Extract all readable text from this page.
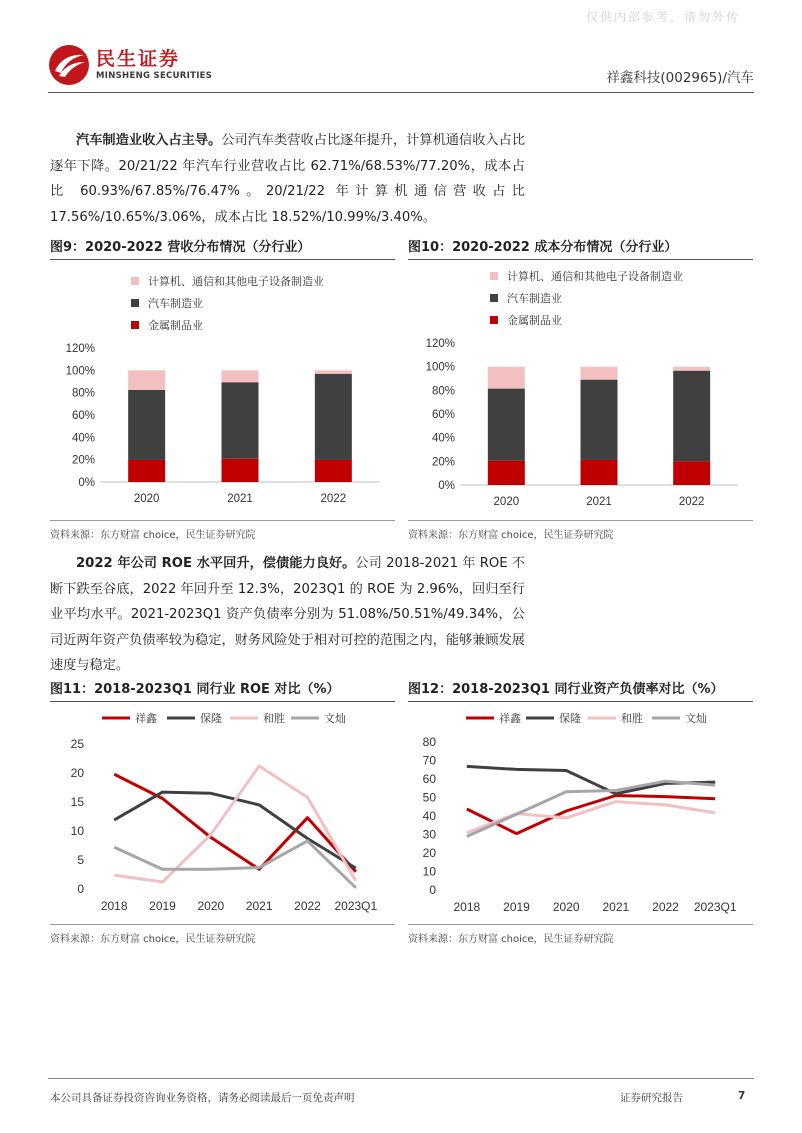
仅供内部参考，请勿外传
民生证券
MINSHENG SECURITIES	祥鑫科技(002965)/汽车
汽车制造业收入占主导。公司汽车类营收占比逐年提升，计算机通信收入占比逐年下降。20/21/22 年汽车行业营收占比 62.71%/68.53%/77.20%，成本占比 60.93%/67.85%/76.47%。20/21/22 年计算机通信营收占比 17.56%/10.65%/3.06%，成本占比 18.52%/10.99%/3.40%。
图9：2020-2022 营收分布情况（分行业）
计算机、通信和其他电子设备制造业
汽车制造业
金属制品业
0%
20%
40%
60%
80%
100%
120%
2020	2021	2022
资料来源：东方财富 choice，民生证券研究院
图10：2020-2022 成本分布情况（分行业）
计算机、通信和其他电子设备制造业
汽车制造业
金属制品业
0%
20%
40%
60%
80%
100%
120%
2020	2021	2022
资料来源：东方财富 choice，民生证券研究院
2022 年公司 ROE 水平回升，偿债能力良好。公司 2018-2021 年 ROE 不断下跌至谷底，2022 年回升至 12.3%，2023Q1 的 ROE 为 2.96%，回归至行业平均水平。2021-2023Q1 资产负债率分别为 51.08%/50.51%/49.34%，公司近两年资产负债率较为稳定，财务风险处于相对可控的范围之内，能够兼顾发展速度与稳定。
图11：2018-2023Q1 同行业 ROE 对比（%）
0
5
10
15
20
25
祥鑫	保隆	和胜	文灿
2018 2019 2020 2021 2022 2023Q1
资料来源：东方财富 choice，民生证券研究院
图12：2018-2023Q1 同行业资产负债率对比（%）
0
10
20
30
40
50
60
70
80
祥鑫	保隆	和胜	文灿
2018 2019 2020 2021 2022 2023Q1
资料来源：东方财富 choice，民生证券研究院
本公司具备证券投资咨询业务资格，请务必阅读最后一页免责声明	证券研究报告	7
